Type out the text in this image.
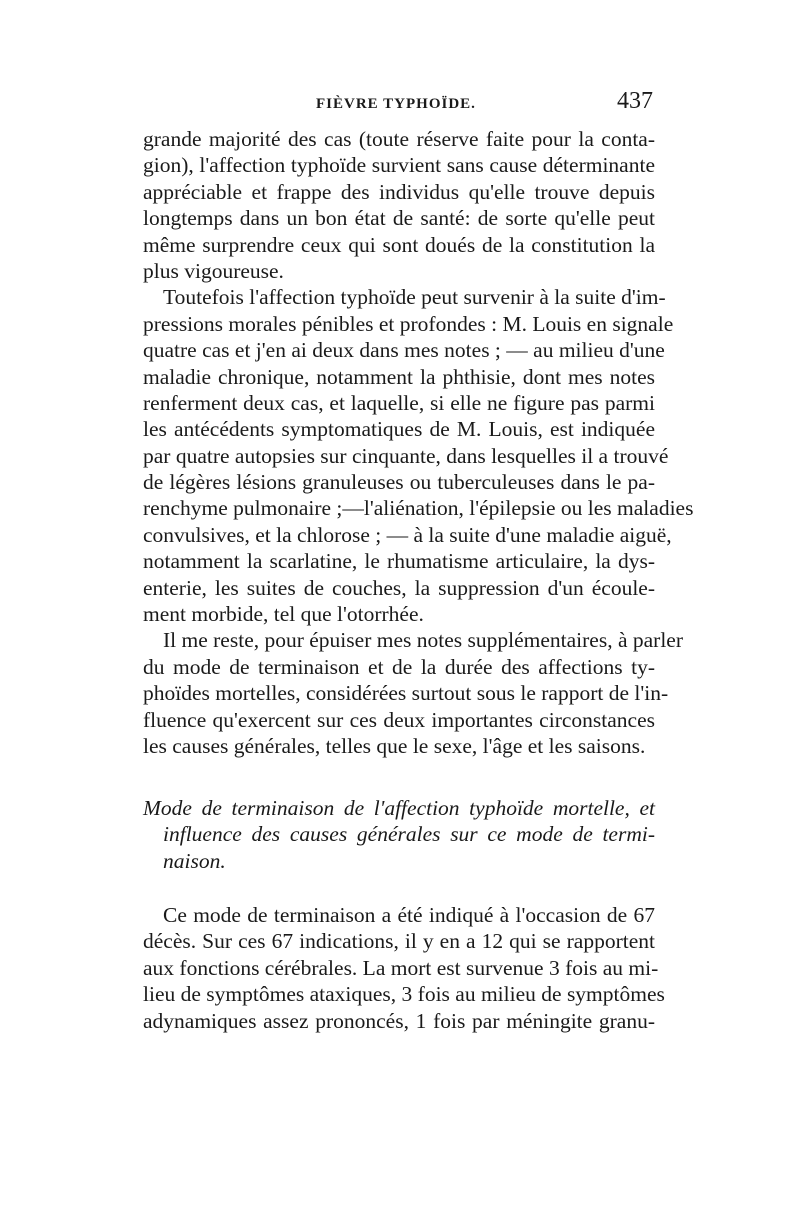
FIÈVRE TYPHOÏDE.	437
grande majorité des cas (toute réserve faite pour la conta-
gion), l'affection typhoïde survient sans cause déterminante
appréciable et frappe des individus qu'elle trouve depuis
longtemps dans un bon état de santé: de sorte qu'elle peut
même surprendre ceux qui sont doués de la constitution la
plus vigoureuse.
Toutefois l'affection typhoïde peut survenir à la suite d'im-
pressions morales pénibles et profondes : M. Louis en signale
quatre cas et j'en ai deux dans mes notes ; — au milieu d'une
maladie chronique, notamment la phthisie, dont mes notes
renferment deux cas, et laquelle, si elle ne figure pas parmi
les antécédents symptomatiques de M. Louis, est indiquée
par quatre autopsies sur cinquante, dans lesquelles il a trouvé
de légères lésions granuleuses ou tuberculeuses dans le pa-
renchyme pulmonaire ;—l'aliénation, l'épilepsie ou les maladies
convulsives, et la chlorose ; — à la suite d'une maladie aiguë,
notamment la scarlatine, le rhumatisme articulaire, la dys-
enterie, les suites de couches, la suppression d'un écoule-
ment morbide, tel que l'otorrhée.
Il me reste, pour épuiser mes notes supplémentaires, à parler
du mode de terminaison et de la durée des affections ty-
phoïdes mortelles, considérées surtout sous le rapport de l'in-
fluence qu'exercent sur ces deux importantes circonstances
les causes générales, telles que le sexe, l'âge et les saisons.
Mode de terminaison de l'affection typhoïde mortelle, et
influence des causes générales sur ce mode de termi-
naison.
Ce mode de terminaison a été indiqué à l'occasion de 67
décès. Sur ces 67 indications, il y en a 12 qui se rapportent
aux fonctions cérébrales. La mort est survenue 3 fois au mi-
lieu de symptômes ataxiques, 3 fois au milieu de symptômes
adynamiques assez prononcés, 1 fois par méningite granu-
